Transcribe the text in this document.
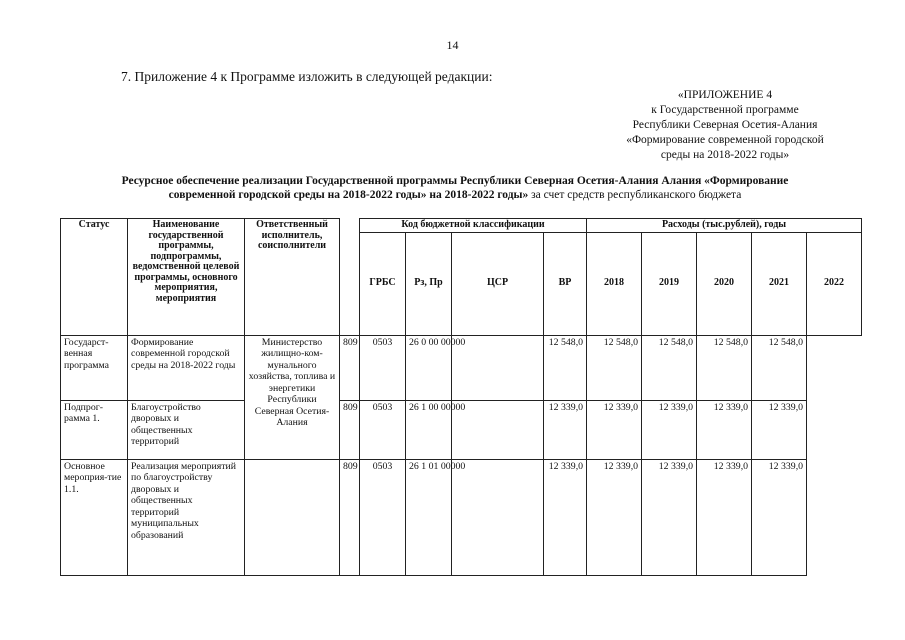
14
7. Приложение 4 к Программе изложить в следующей редакции:
«ПРИЛОЖЕНИЕ 4
к Государственной программе
Республики Северная Осетия-Алания
«Формирование современной городской
среды на 2018-2022 годы»
Ресурсное обеспечение реализации Государственной программы Республики Северная Осетия-Алания Алания «Формирование
современной городской среды на 2018-2022 годы» на 2018-2022 годы» за счет средств республиканского бюджета
Статус	Наименование государственной программы, подпрограммы, ведомственной целевой программы, основного мероприятия, мероприятия	Ответственный исполнитель, соисполнители		Код бюджетной классификации				Расходы (тыс.рублей), годы				
				ГРБС	Рз, Пр	ЦСР	ВР	2018	2019	2020	2021	2022
Государст-венная программа	Формирование современной городской среды на 2018-2022 годы	Министерство жилищно-ком-мунального хозяйства, топлива и энергетики Республики Северная Осетия-Алания	809	0503	26 0 00 00000		12 548,0	12 548,0	12 548,0	12 548,0	12 548,0	
Подпрог-рамма 1.	Благоустройство дворовых и общественных территорий		809	0503	26 1 00 00000		12 339,0	12 339,0	12 339,0	12 339,0	12 339,0	
Основное мероприя-тие 1.1.	Реализация мероприятий по благоустройству дворовых и общественных территорий муниципальных образований		809	0503	26 1 01 00000		12 339,0	12 339,0	12 339,0	12 339,0	12 339,0	
